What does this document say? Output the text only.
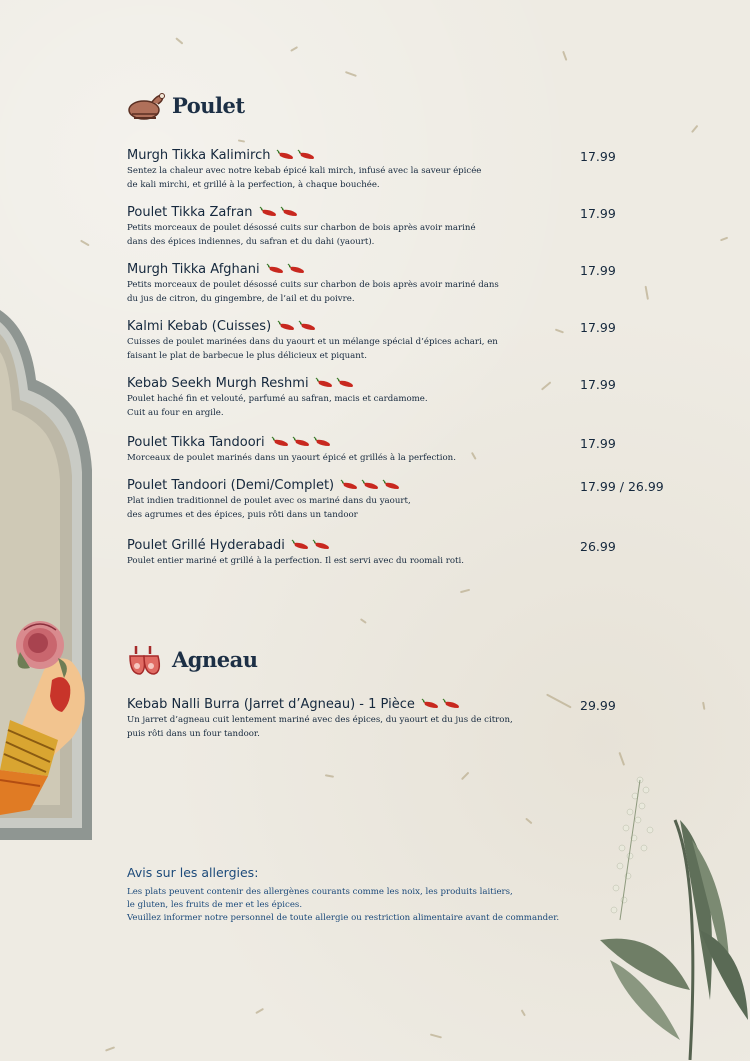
Poulet
Murgh Tikka Kalimirch
Sentez la chaleur avec notre kebab épicé kali mirch, infusé avec la saveur épicée
de kali mirchi, et grillé à la perfection, à chaque bouchée.
17.99
Poulet Tikka Zafran
Petits morceaux de poulet désossé cuits sur charbon de bois après avoir mariné
dans des épices indiennes, du safran et du dahi (yaourt).
17.99
Murgh Tikka Afghani
Petits morceaux de poulet désossé cuits sur charbon de bois après avoir mariné dans
du jus de citron, du gingembre, de l’ail et du poivre.
17.99
Kalmi Kebab (Cuisses)
Cuisses de poulet marinées dans du yaourt et un mélange spécial d’épices achari, en
faisant le plat de barbecue le plus délicieux et piquant.
17.99
Kebab Seekh Murgh Reshmi
Poulet haché fin et velouté, parfumé au safran, macis et cardamome.
Cuit au four en argile.
17.99
Poulet Tikka Tandoori
Morceaux de poulet marinés dans un yaourt épicé et grillés à la perfection.
17.99
Poulet Tandoori (Demi/Complet)
Plat indien traditionnel de poulet avec os mariné dans du yaourt,
des agrumes et des épices, puis rôti dans un tandoor
17.99 / 26.99
Poulet Grillé Hyderabadi
Poulet entier mariné et grillé à la perfection. Il est servi avec du roomali roti.
26.99
Agneau
Kebab Nalli Burra (Jarret d’Agneau) - 1 Pièce
Un jarret d’agneau cuit lentement mariné avec des épices, du yaourt et du jus de citron,
puis rôti dans un four tandoor.
29.99
Avis sur les allergies:
Les plats peuvent contenir des allergènes courants comme les noix, les produits laitiers,
le gluten, les fruits de mer et les épices.
Veuillez informer notre personnel de toute allergie ou restriction alimentaire avant de commander.
